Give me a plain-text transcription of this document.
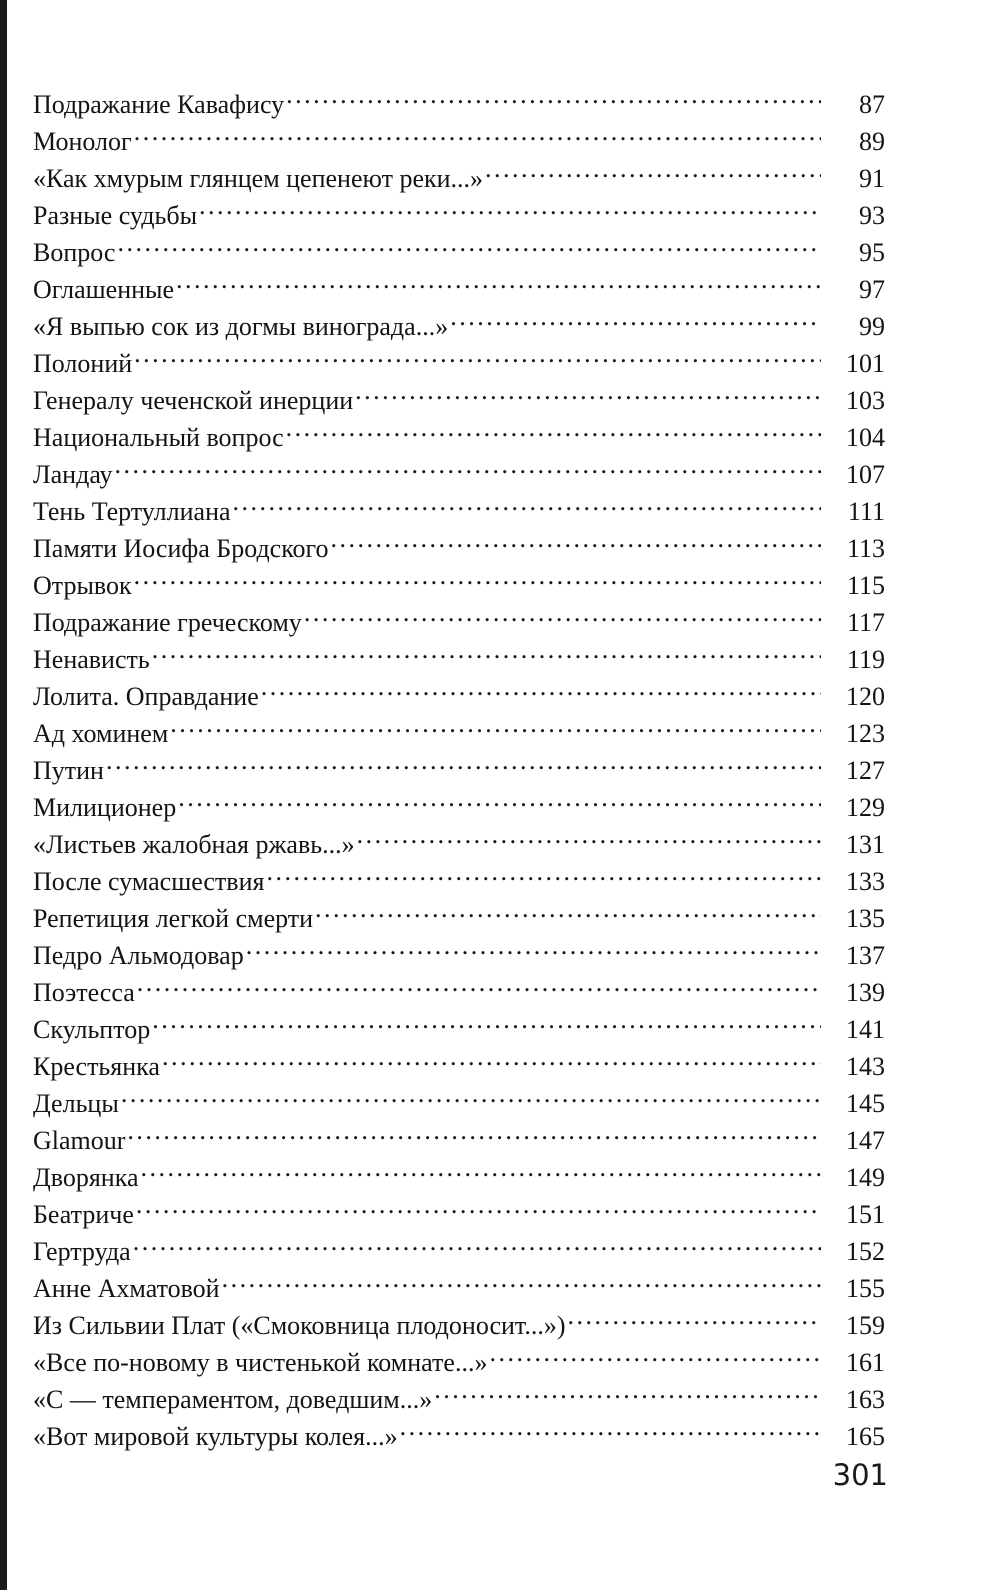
Подражание Кавафису . . .	87
Монолог . . .	89
«Как хмурым глянцем цепенеют реки...» . . .	91
Разные судьбы . . .	93
Вопрос . . .	95
Оглашенные . . .	97
«Я выпью сок из догмы винограда...» . . .	99
Полоний . . .	101
Генералу чеченской инерции . . .	103
Национальный вопрос . . .	104
Ландау . . .	107
Тень Тертуллиана . . .	111
Памяти Иосифа Бродского . . .	113
Отрывок . . .	115
Подражание греческому . . .	117
Ненависть . . .	119
Лолита. Оправдание . . .	120
Ад хоминем . . .	123
Путин . . .	127
Милиционер . . .	129
«Листьев жалобная ржавь...» . . .	131
После сумасшествия . . .	133
Репетиция легкой смерти . . .	135
Педро Альмодовар . . .	137
Поэтесса . . .	139
Скульптор . . .	141
Крестьянка . . .	143
Дельцы . . .	145
Glamour . . .	147
Дворянка . . .	149
Беатриче . . .	151
Гертруда . . .	152
Анне Ахматовой . . .	155
Из Сильвии Плат («Смоковница плодоносит...») . . .	159
«Все по-новому в чистенькой комнате...» . . .	161
«С — темпераментом, доведшим...» . . .	163
«Вот мировой культуры колея...» . . .	165
301
